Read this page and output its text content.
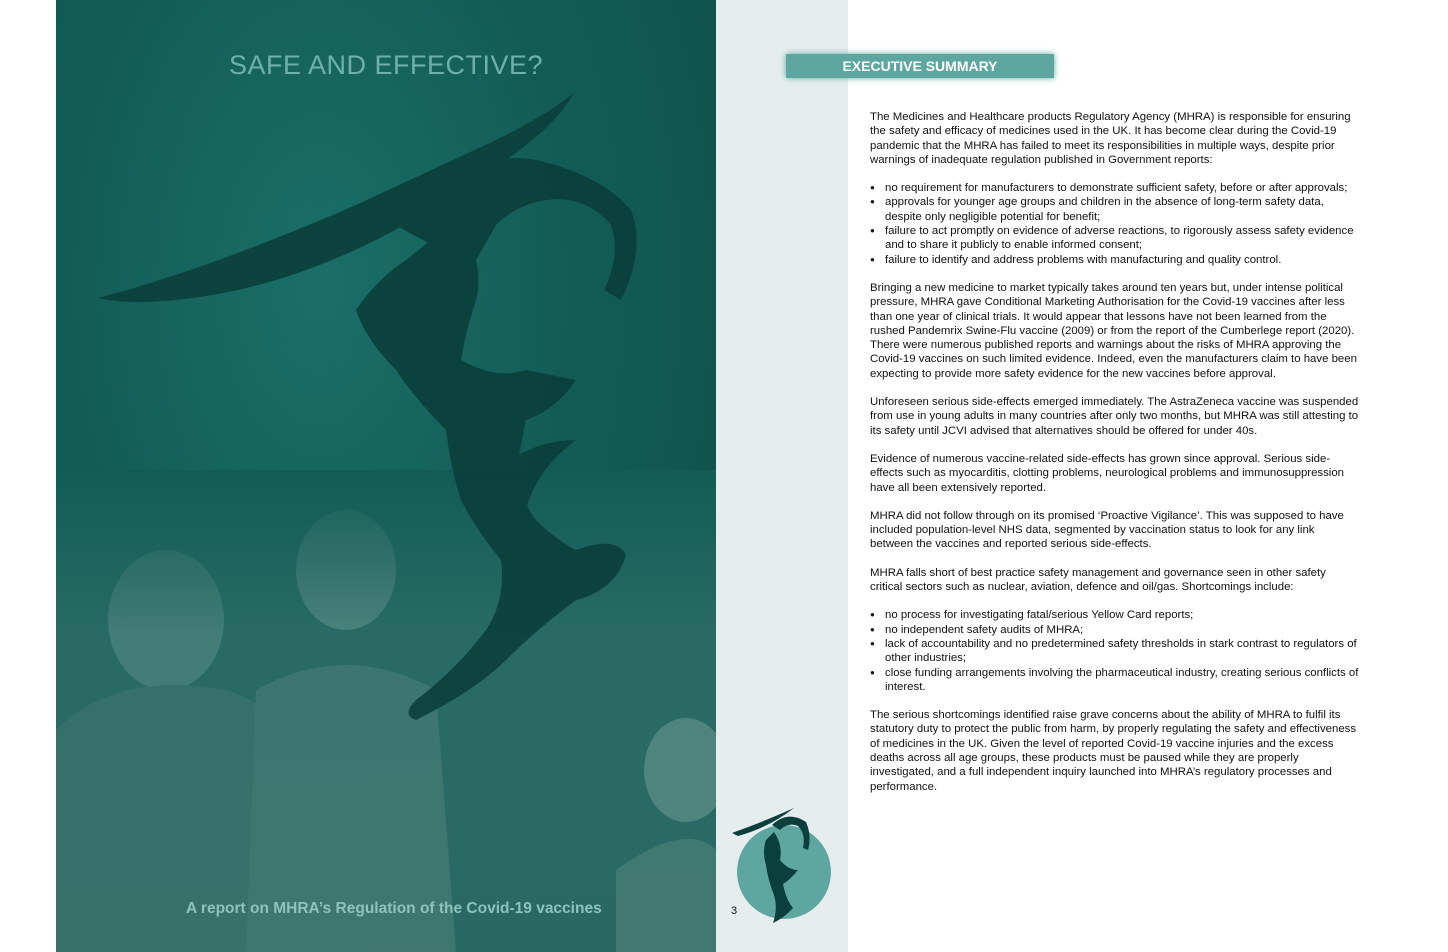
SAFE AND EFFECTIVE?
A report on MHRA’s Regulation of the Covid-19 vaccines	3
EXECUTIVE SUMMARY

The Medicines and Healthcare products Regulatory Agency (MHRA) is responsible for ensuring the safety and efficacy of medicines used in the UK. It has become clear during the Covid-19 pandemic that the MHRA has failed to meet its responsibilities in multiple ways, despite prior warnings of inadequate regulation published in Government reports:

● no requirement for manufacturers to demonstrate sufficient safety, before or after approvals;
● approvals for younger age groups and children in the absence of long-term safety data, despite only negligible potential for benefit;
● failure to act promptly on evidence of adverse reactions, to rigorously assess safety evidence and to share it publicly to enable informed consent;
● failure to identify and address problems with manufacturing and quality control.

Bringing a new medicine to market typically takes around ten years but, under intense political pressure, MHRA gave Conditional Marketing Authorisation for the Covid-19 vaccines after less than one year of clinical trials. It would appear that lessons have not been learned from the rushed Pandemrix Swine-Flu vaccine (2009) or from the report of the Cumberlege report (2020). There were numerous published reports and warnings about the risks of MHRA approving the Covid-19 vaccines on such limited evidence. Indeed, even the manufacturers claim to have been expecting to provide more safety evidence for the new vaccines before approval.

Unforeseen serious side-effects emerged immediately. The AstraZeneca vaccine was suspended from use in young adults in many countries after only two months, but MHRA was still attesting to its safety until JCVI advised that alternatives should be offered for under 40s.

Evidence of numerous vaccine-related side-effects has grown since approval. Serious side-effects such as myocarditis, clotting problems, neurological problems and immunosuppression have all been extensively reported.

MHRA did not follow through on its promised ‘Proactive Vigilance’. This was supposed to have included population-level NHS data, segmented by vaccination status to look for any link between the vaccines and reported serious side-effects.

MHRA falls short of best practice safety management and governance seen in other safety critical sectors such as nuclear, aviation, defence and oil/gas. Shortcomings include:

● no process for investigating fatal/serious Yellow Card reports;
● no independent safety audits of MHRA;
● lack of accountability and no predetermined safety thresholds in stark contrast to regulators of other industries;
● close funding arrangements involving the pharmaceutical industry, creating serious conflicts of interest.

The serious shortcomings identified raise grave concerns about the ability of MHRA to fulfil its statutory duty to protect the public from harm, by properly regulating the safety and effectiveness of medicines in the UK. Given the level of reported Covid-19 vaccine injuries and the excess deaths across all age groups, these products must be paused while they are properly investigated, and a full independent inquiry launched into MHRA’s regulatory processes and performance.
